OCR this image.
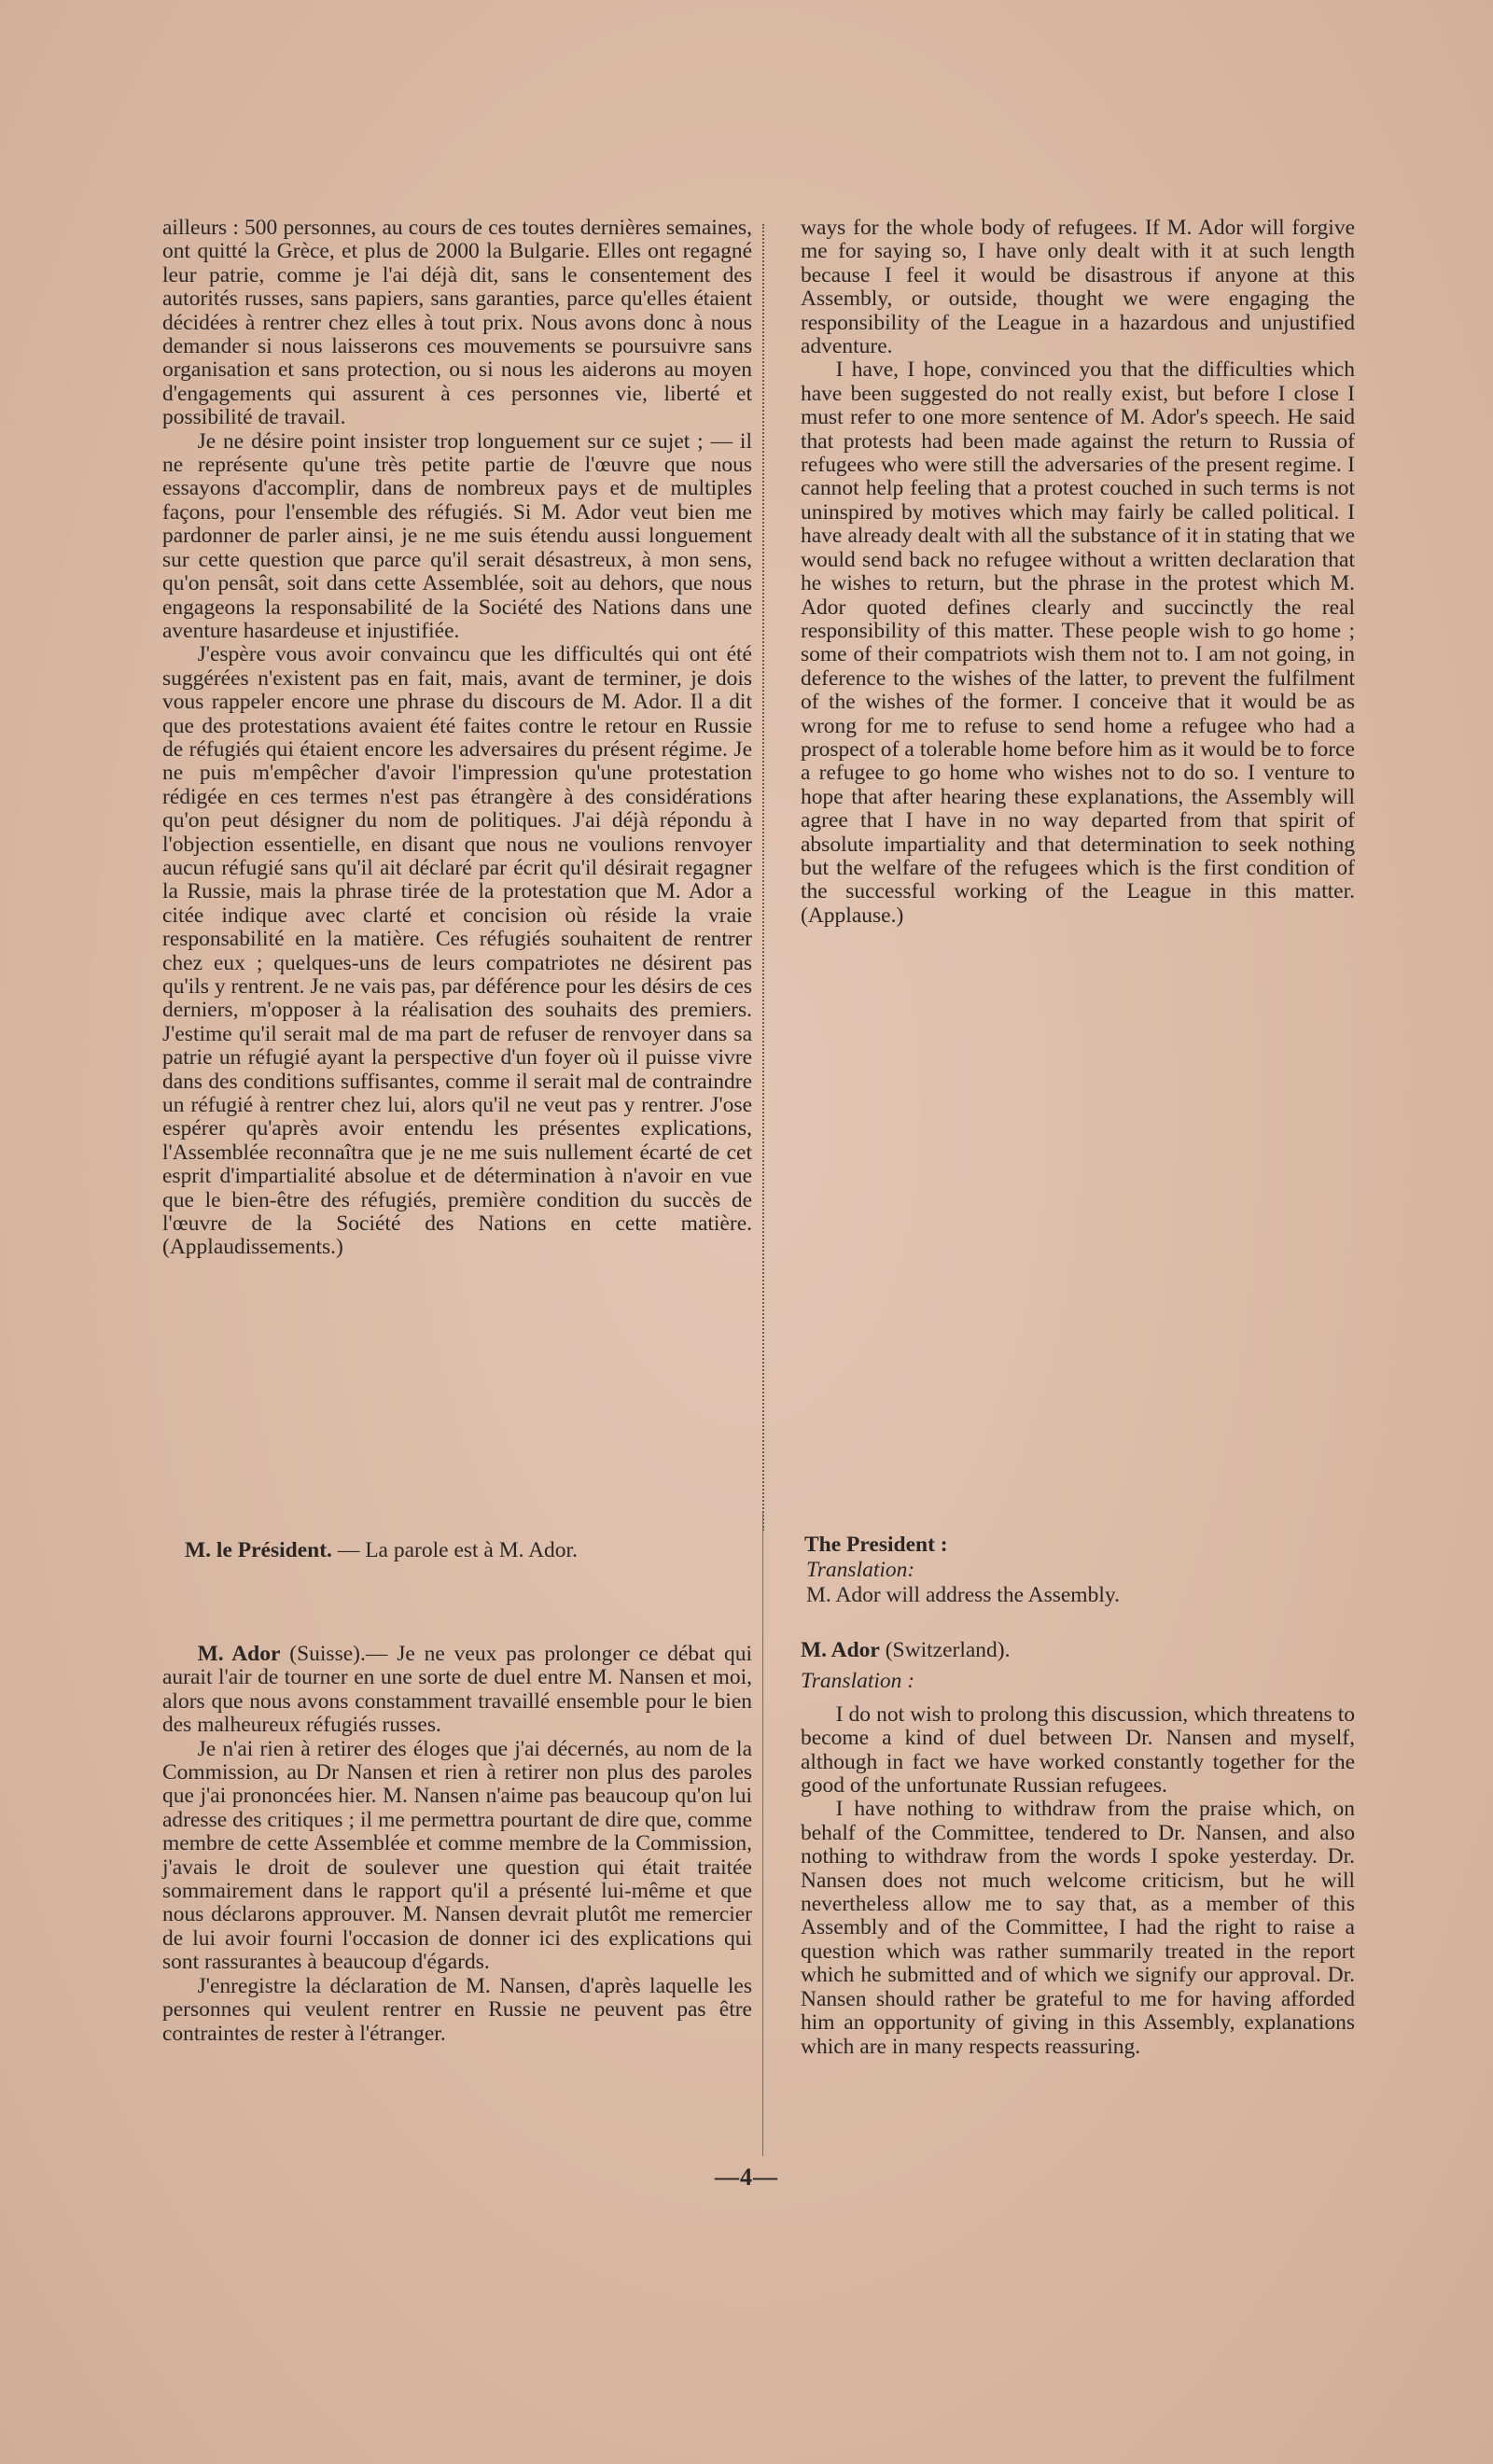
ailleurs : 500 personnes, au cours de ces toutes dernières semaines, ont quitté la Grèce, et plus de 2000 la Bulgarie. Elles ont regagné leur patrie, comme je l'ai déjà dit, sans le consentement des autorités russes, sans papiers, sans garanties, parce qu'elles étaient décidées à rentrer chez elles à tout prix. Nous avons donc à nous demander si nous laisserons ces mouvements se poursuivre sans organisation et sans protection, ou si nous les aiderons au moyen d'engagements qui assurent à ces personnes vie, liberté et possibilité de travail.

Je ne désire point insister trop longuement sur ce sujet ; — il ne représente qu'une très petite partie de l'œuvre que nous essayons d'accomplir, dans de nombreux pays et de multiples façons, pour l'ensemble des réfugiés. Si M. Ador veut bien me pardonner de parler ainsi, je ne me suis étendu aussi longuement sur cette question que parce qu'il serait désastreux, à mon sens, qu'on pensât, soit dans cette Assemblée, soit au dehors, que nous engageons la responsabilité de la Société des Nations dans une aventure hasardeuse et injustifiée.

J'espère vous avoir convaincu que les difficultés qui ont été suggérées n'existent pas en fait, mais, avant de terminer, je dois vous rappeler encore une phrase du discours de M. Ador. Il a dit que des protestations avaient été faites contre le retour en Russie de réfugiés qui étaient encore les adversaires du présent régime. Je ne puis m'empêcher d'avoir l'impression qu'une protestation rédigée en ces termes n'est pas étrangère à des considérations qu'on peut désigner du nom de politiques. J'ai déjà répondu à l'objection essentielle, en disant que nous ne voulions renvoyer aucun réfugié sans qu'il ait déclaré par écrit qu'il désirait regagner la Russie, mais la phrase tirée de la protestation que M. Ador a citée indique avec clarté et concision où réside la vraie responsabilité en la matière. Ces réfugiés souhaitent de rentrer chez eux ; quelques-uns de leurs compatriotes ne désirent pas qu'ils y rentrent. Je ne vais pas, par déférence pour les désirs de ces derniers, m'opposer à la réalisation des souhaits des premiers. J'estime qu'il serait mal de ma part de refuser de renvoyer dans sa patrie un réfugié ayant la perspective d'un foyer où il puisse vivre dans des conditions suffisantes, comme il serait mal de contraindre un réfugié à rentrer chez lui, alors qu'il ne veut pas y rentrer. J'ose espérer qu'après avoir entendu les présentes explications, l'Assemblée reconnaîtra que je ne me suis nullement écarté de cet esprit d'impartialité absolue et de détermination à n'avoir en vue que le bien-être des réfugiés, première condition du succès de l'œuvre de la Société des Nations en cette matière. (Applaudissements.)

M. le Président. — La parole est à M. Ador.

M. Ador (Suisse).— Je ne veux pas prolonger ce débat qui aurait l'air de tourner en une sorte de duel entre M. Nansen et moi, alors que nous avons constamment travaillé ensemble pour le bien des malheureux réfugiés russes.

Je n'ai rien à retirer des éloges que j'ai décernés, au nom de la Commission, au Dr Nansen et rien à retirer non plus des paroles que j'ai prononcées hier. M. Nansen n'aime pas beaucoup qu'on lui adresse des critiques ; il me permettra pourtant de dire que, comme membre de cette Assemblée et comme membre de la Commission, j'avais le droit de soulever une question qui était traitée sommairement dans le rapport qu'il a présenté lui-même et que nous déclarons approuver. M. Nansen devrait plutôt me remercier de lui avoir fourni l'occasion de donner ici des explications qui sont rassurantes à beaucoup d'égards.

J'enregistre la déclaration de M. Nansen, d'après laquelle les personnes qui veulent rentrer en Russie ne peuvent pas être contraintes de rester à l'étranger.

ways for the whole body of refugees. If M. Ador will forgive me for saying so, I have only dealt with it at such length because I feel it would be disastrous if anyone at this Assembly, or outside, thought we were engaging the responsibility of the League in a hazardous and unjustified adventure.

I have, I hope, convinced you that the difficulties which have been suggested do not really exist, but before I close I must refer to one more sentence of M. Ador's speech. He said that protests had been made against the return to Russia of refugees who were still the adversaries of the present regime. I cannot help feeling that a protest couched in such terms is not uninspired by motives which may fairly be called political. I have already dealt with all the substance of it in stating that we would send back no refugee without a written declaration that he wishes to return, but the phrase in the protest which M. Ador quoted defines clearly and succinctly the real responsibility of this matter. These people wish to go home ; some of their compatriots wish them not to. I am not going, in deference to the wishes of the latter, to prevent the fulfilment of the wishes of the former. I conceive that it would be as wrong for me to refuse to send home a refugee who had a prospect of a tolerable home before him as it would be to force a refugee to go home who wishes not to do so. I venture to hope that after hearing these explanations, the Assembly will agree that I have in no way departed from that spirit of absolute impartiality and that determination to seek nothing but the welfare of the refugees which is the first condition of the successful working of the League in this matter. (Applause.)

The President :
Translation:
M. Ador will address the Assembly.

M. Ador (Switzerland).

Translation :

I do not wish to prolong this discussion, which threatens to become a kind of duel between Dr. Nansen and myself, although in fact we have worked constantly together for the good of the unfortunate Russian refugees.

I have nothing to withdraw from the praise which, on behalf of the Committee, tendered to Dr. Nansen, and also nothing to withdraw from the words I spoke yesterday. Dr. Nansen does not much welcome criticism, but he will nevertheless allow me to say that, as a member of this Assembly and of the Committee, I had the right to raise a question which was rather summarily treated in the report which he submitted and of which we signify our approval. Dr. Nansen should rather be grateful to me for having afforded him an opportunity of giving in this Assembly, explanations which are in many respects reassuring.

—4—
